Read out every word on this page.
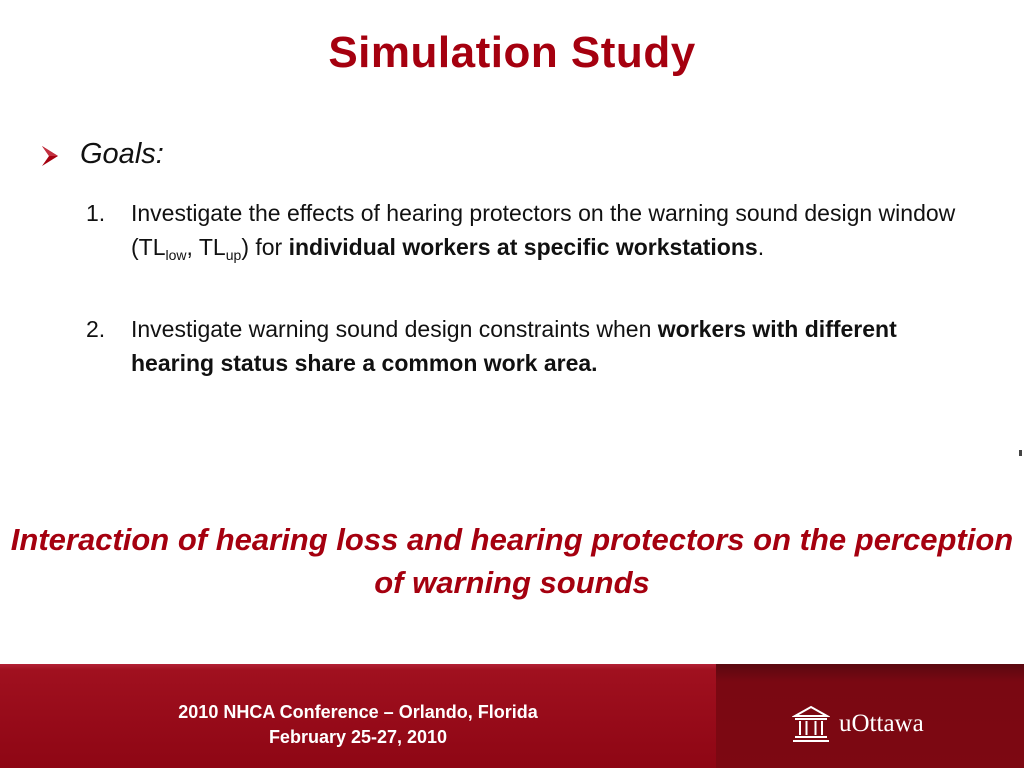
Simulation Study
Goals:
1. Investigate the effects of hearing protectors on the warning sound design window ($TL_{low}$, $TL_{up}$) for individual workers at specific workstations.
2. Investigate warning sound design constraints when workers with different hearing status share a common work area.
Interaction of hearing loss and hearing protectors on the perception of warning sounds
2010 NHCA Conference – Orlando, Florida
February 25-27, 2010	uOttawa
